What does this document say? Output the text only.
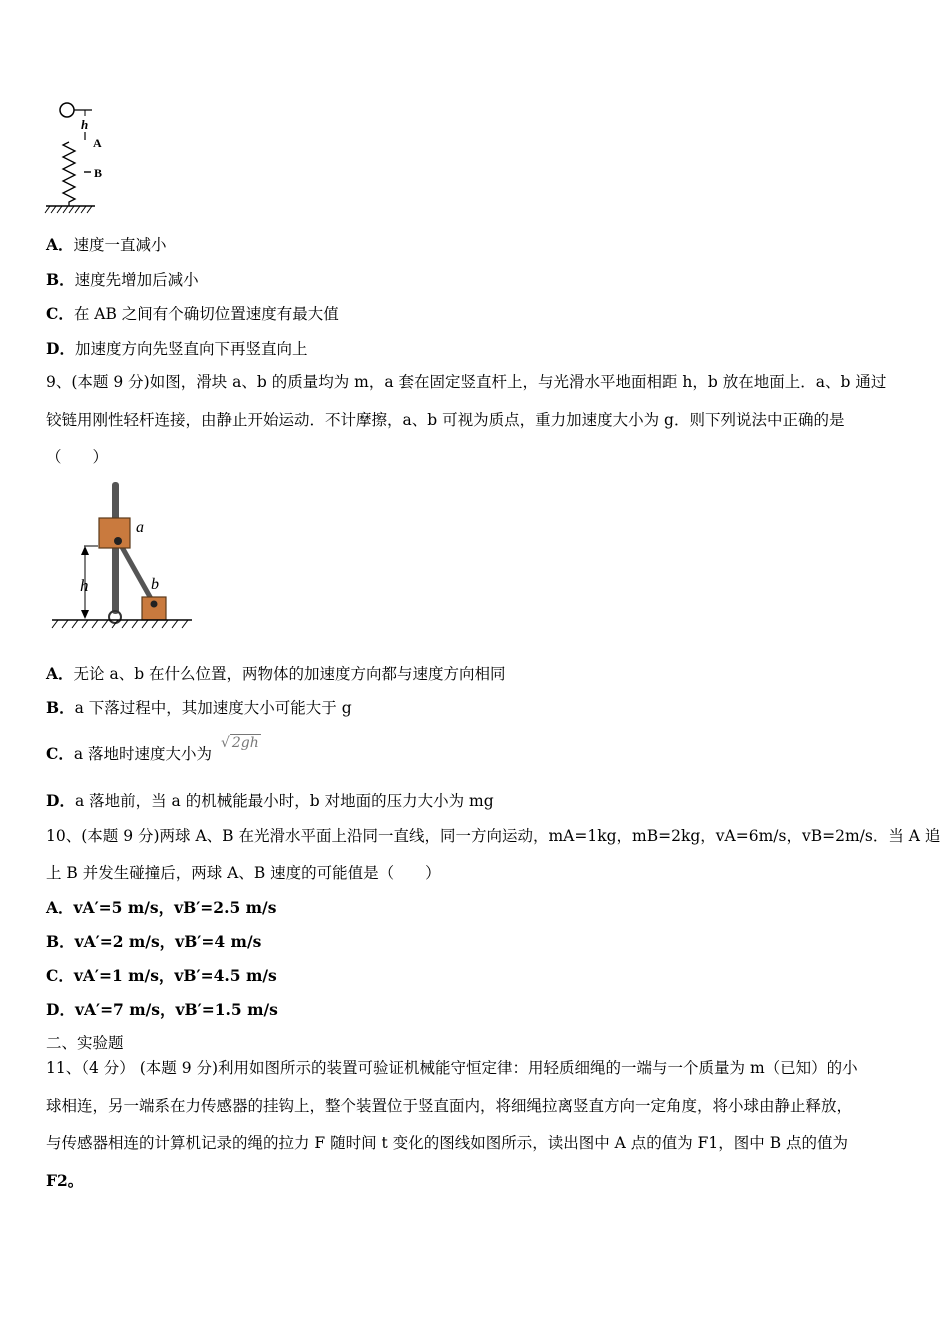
h
A
B
A．速度一直减小
B．速度先增加后减小
C．在 AB 之间有个确切位置速度有最大值
D．加速度方向先竖直向下再竖直向上
9、(本题 9 分)如图，滑块 a、b 的质量均为 m，a 套在固定竖直杆上，与光滑水平地面相距 h，b 放在地面上．a、b 通过
铰链用刚性轻杆连接，由静止开始运动．不计摩擦，a、b 可视为质点，重力加速度大小为 g．则下列说法中正确的是
（　　）
a
b
h
A．无论 a、b 在什么位置，两物体的加速度方向都与速度方向相同
B．a 下落过程中，其加速度大小可能大于 g
C．a 落地时速度大小为 √ 2gh
D．a 落地前，当 a 的机械能最小时，b 对地面的压力大小为 mg
10、(本题 9 分)两球 A、B 在光滑水平面上沿同一直线，同一方向运动，mA=1kg，mB=2kg，vA=6m/s，vB=2m/s．当 A 追
上 B 并发生碰撞后，两球 A、B 速度的可能值是（　　）
A．vA′=5 m/s，vB′=2.5 m/s
B．vA′=2 m/s，vB′=4 m/s
C．vA′=1 m/s，vB′=4.5 m/s
D．vA′=7 m/s，vB′=1.5 m/s
二、实验题
11、（4 分） (本题 9 分)利用如图所示的装置可验证机械能守恒定律：用轻质细绳的一端与一个质量为 m（已知）的小
球相连，另一端系在力传感器的挂钩上，整个装置位于竖直面内，将细绳拉离竖直方向一定角度，将小球由静止释放，
与传感器相连的计算机记录的绳的拉力 F 随时间 t 变化的图线如图所示，读出图中 A 点的值为 F1，图中 B 点的值为
F2。
